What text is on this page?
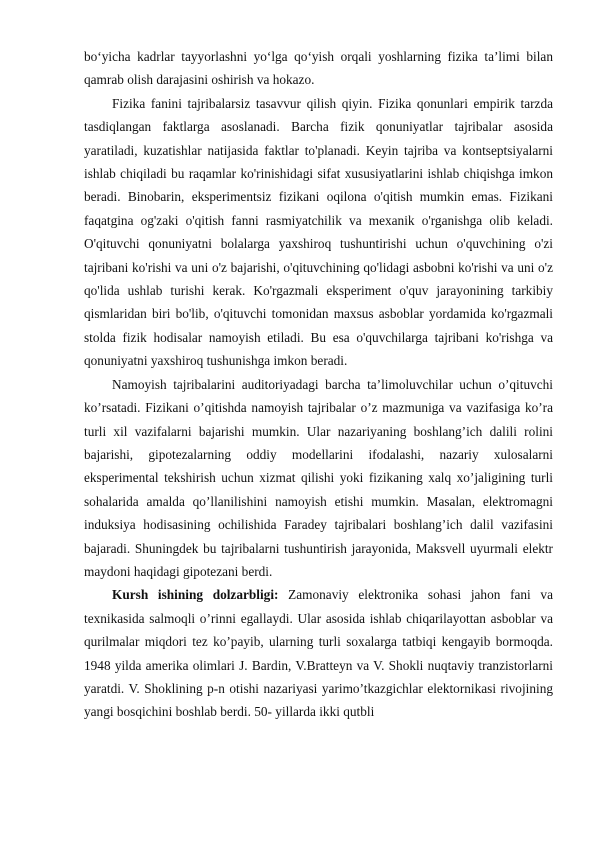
bo‘yicha kadrlar tayyorlashni yo‘lga qo‘yish orqali yoshlarning fizika ta’limi bilan qamrab olish darajasini oshirish va hokazo.

Fizika fanini tajribalarsiz tasavvur qilish qiyin. Fizika qonunlari empirik tarzda tasdiqlangan faktlarga asoslanadi. Barcha fizik qonuniyatlar tajribalar asosida yaratiladi, kuzatishlar natijasida faktlar to'planadi. Keyin tajriba va kontseptsiyalarni ishlab chiqiladi bu raqamlar ko'rinishidagi sifat xususiyatlarini ishlab chiqishga imkon beradi. Binobarin, eksperimentsiz fizikani oqilona o'qitish mumkin emas. Fizikani faqatgina og'zaki o'qitish fanni rasmiyatchilik va mexanik o'rganishga olib keladi. O'qituvchi qonuniyatni bolalarga yaxshiroq tushuntirishi uchun o'quvchining o'zi tajribani ko'rishi va uni o'z bajarishi, o'qituvchining qo'lidagi asbobni ko'rishi va uni o'z qo'lida ushlab turishi kerak. Ko'rgazmali eksperiment o'quv jarayonining tarkibiy qismlaridan biri bo'lib, o'qituvchi tomonidan maxsus asboblar yordamida ko'rgazmali stolda fizik hodisalar namoyish etiladi. Bu esa o'quvchilarga tajribani ko'rishga va qonuniyatni yaxshiroq tushunishga imkon beradi.

Namoyish tajribalarini auditoriyadagi barcha ta’limoluvchilar uchun o’qituvchi ko’rsatadi. Fizikani o’qitishda namoyish tajribalar o’z mazmuniga va vazifasiga ko’ra turli xil vazifalarni bajarishi mumkin. Ular nazariyaning boshlang’ich dalili rolini bajarishi, gipotezalarning oddiy modellarini ifodalashi, nazariy xulosalarni eksperimental tekshirish uchun xizmat qilishi yoki fizikaning xalq xo’jaligining turli sohalarida amalda qo’llanilishini namoyish etishi mumkin. Masalan, elektromagni induksiya hodisasining ochilishida Faradey tajribalari boshlang’ich dalil vazifasini bajaradi. Shuningdek bu tajribalarni tushuntirish jarayonida, Maksvell uyurmali elektr maydoni haqidagi gipotezani berdi.

Kursh ishining dolzarbligi: Zamonaviy elektronika sohasi jahon fani va texnikasida salmoqli o’rinni egallaydi. Ular asosida ishlab chiqarilayottan asboblar va qurilmalar miqdori tez ko’payib, ularning turli soxalarga tatbiqi kengayib bormoqda. 1948 yilda amerika olimlari J. Bardin, V.Bratteyn va V. Shokli nuqtaviy tranzistorlarni yaratdi. V. Shoklining p-n otishi nazariyasi yarimo’tkazgichlar elektornikasi rivojining yangi bosqichini boshlab berdi. 50- yillarda ikki qutbli
